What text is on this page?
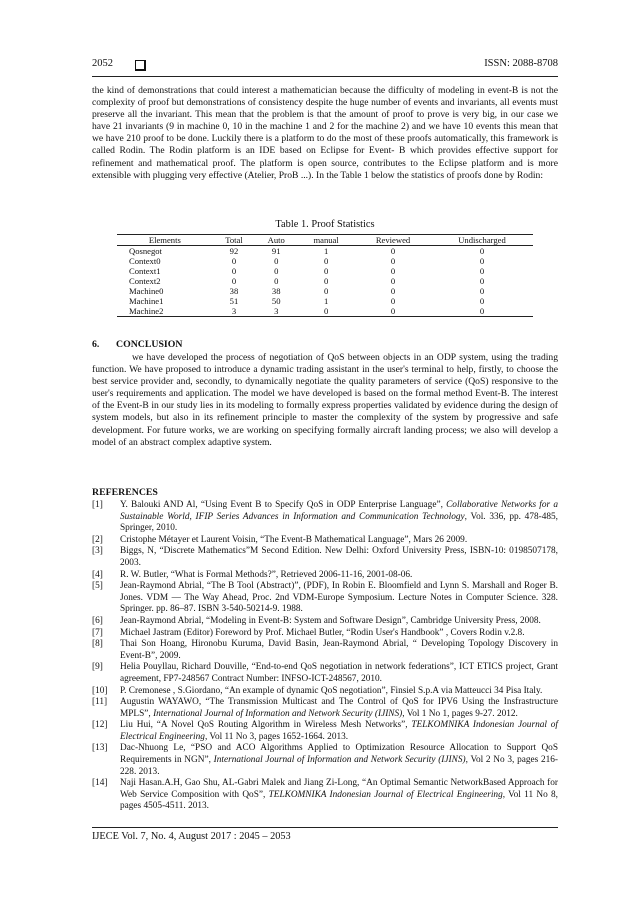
2052	ISSN: 2088-8708

the kind of demonstrations that could interest a mathematician because the difficulty of modeling in event-B is not the complexity of proof but demonstrations of consistency despite the huge number of events and invariants, all events must preserve all the invariant. This mean that the problem is that the amount of proof to prove is very big, in our case we have 21 invariants (9 in machine 0, 10 in the machine 1 and 2 for the machine 2) and we have 10 events this mean that we have 210 proof to be done. Luckily there is a platform to do the most of these proofs automatically, this framework is called Rodin. The Rodin platform is an IDE based on Eclipse for Event- B which provides effective support for refinement and mathematical proof. The platform is open source, contributes to the Eclipse platform and is more extensible with plugging very effective (Atelier, ProB ...). In the Table 1 below the statistics of proofs done by Rodin:

Table 1. Proof Statistics
Elements	Total	Auto	manual	Reviewed	Undischarged
Qosnegot	92	91	1	0	0
Context0	0	0	0	0	0
Context1	0	0	0	0	0
Context2	0	0	0	0	0
Machine0	38	38	0	0	0
Machine1	51	50	1	0	0
Machine2	3	3	0	0	0
6. CONCLUSION

we have developed the process of negotiation of QoS between objects in an ODP system, using the trading function. We have proposed to introduce a dynamic trading assistant in the user's terminal to help, firstly, to choose the best service provider and, secondly, to dynamically negotiate the quality parameters of service (QoS) responsive to the user's requirements and application. The model we have developed is based on the formal method Event-B. The interest of the Event-B in our study lies in its modeling to formally express properties validated by evidence during the design of system models, but also in its refinement principle to master the complexity of the system by progressive and safe development. For future works, we are working on specifying formally aircraft landing process; we also will develop a model of an abstract complex adaptive system.

REFERENCES
[1] Y. Balouki AND Al, “Using Event B to Specify QoS in ODP Enterprise Language”, Collaborative Networks for a Sustainable World, IFIP Series Advances in Information and Communication Technology, Vol. 336, pp. 478-485, Springer, 2010.
[2] Cristophe Métayer et Laurent Voisin, “The Event-B Mathematical Language”, Mars 26 2009.
[3] Biggs, N, “Discrete Mathematics”M Second Edition. New Delhi: Oxford University Press, ISBN-10: 0198507178, 2003.
[4] R. W. Butler, “What is Formal Methods?”, Retrieved 2006-11-16, 2001-08-06.
[5] Jean-Raymond Abrial, “The B Tool (Abstract)”, (PDF), In Robin E. Bloomfield and Lynn S. Marshall and Roger B. Jones. VDM — The Way Ahead, Proc. 2nd VDM-Europe Symposium. Lecture Notes in Computer Science. 328. Springer. pp. 86–87. ISBN 3-540-50214-9. 1988.
[6] Jean-Raymond Abrial, “Modeling in Event-B: System and Software Design”, Cambridge University Press, 2008.
[7] Michael Jastram (Editor) Foreword by Prof. Michael Butler, “Rodin User's Handbook” , Covers Rodin v.2.8.
[8] Thai Son Hoang, Hironobu Kuruma, David Basin, Jean-Raymond Abrial, “ Developing Topology Discovery in Event-B”, 2009.
[9] Helia Pouyllau, Richard Douville, “End-to-end QoS negotiation in network federations”, ICT ETICS project, Grant agreement, FP7-248567 Contract Number: INFSO-ICT-248567, 2010.
[10] P. Cremonese , S.Giordano, “An example of dynamic QoS negotiation”, Finsiel S.p.A via Matteucci 34 Pisa Italy.
[11] Augustin WAYAWO, “The Transmission Multicast and The Control of QoS for IPV6 Using the Insfrastructure MPLS”, International Journal of Information and Network Security (IJINS), Vol 1 No 1, pages 9-27. 2012.
[12] Liu Hui, “A Novel QoS Routing Algorithm in Wireless Mesh Networks”, TELKOMNIKA Indonesian Journal of Electrical Engineering, Vol 11 No 3, pages 1652-1664. 2013.
[13] Dac-Nhuong Le, “PSO and ACO Algorithms Applied to Optimization Resource Allocation to Support QoS Requirements in NGN”, International Journal of Information and Network Security (IJINS), Vol 2 No 3, pages 216-228. 2013.
[14] Naji Hasan.A.H, Gao Shu, AL-Gabri Malek and Jiang Zi-Long, “An Optimal Semantic NetworkBased Approach for Web Service Composition with QoS”, TELKOMNIKA Indonesian Journal of Electrical Engineering, Vol 11 No 8, pages 4505-4511. 2013.
IJECE Vol. 7, No. 4, August 2017 : 2045 – 2053
